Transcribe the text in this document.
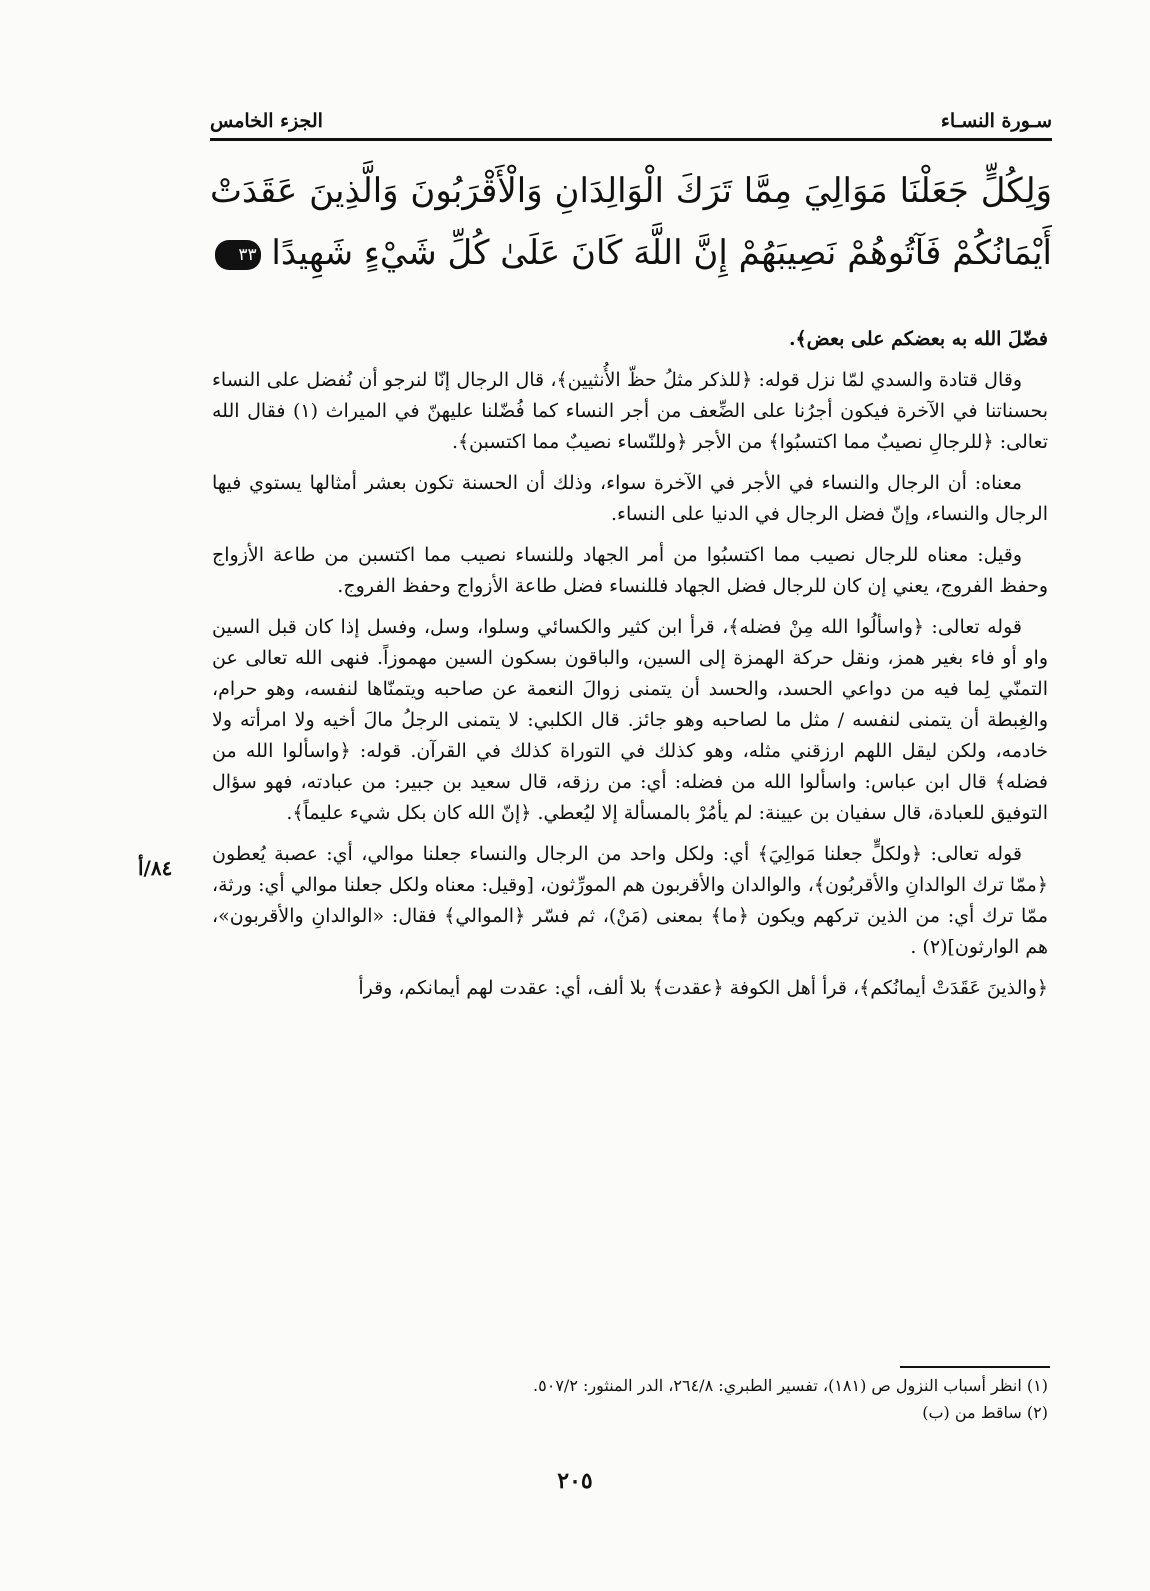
سـورة النسـاء
الجزء الخامس
وَلِكُلٍّ جَعَلْنَا مَوَالِيَ مِمَّا تَرَكَ الْوَالِدَانِ وَالْأَقْرَبُونَ وَالَّذِينَ عَقَدَتْ
أَيْمَانُكُمْ فَآتُوهُمْ نَصِيبَهُمْ إِنَّ اللَّهَ كَانَ عَلَىٰ كُلِّ شَيْءٍ شَهِيدًا ٣٣

فضّلَ الله به بعضكم على بعض﴾.

وقال قتادة والسدي لمّا نزل قوله: ﴿للذكر مثلُ حظّ الأُنثيين﴾، قال الرجال إنّا لنرجو أن نُفضل على النساء بحسناتنا في الآخرة فيكون أجرُنا على الضِّعف من أجر النساء كما فُضّلنا عليهنّ في الميراث (١) فقال الله تعالى: ﴿للرجالِ نصيبٌ مما اكتسبُوا﴾ من الأجر ﴿وللنّساء نصيبٌ مما اكتسبن﴾.

معناه: أن الرجال والنساء في الأجر في الآخرة سواء، وذلك أن الحسنة تكون بعشر أمثالها يستوي فيها الرجال والنساء، وإنّ فضل الرجال في الدنيا على النساء.

وقيل: معناه للرجال نصيب مما اكتسبُوا من أمر الجهاد وللنساء نصيب مما اكتسبن من طاعة الأزواج وحفظ الفروج، يعني إن كان للرجال فضل الجهاد فللنساء فضل طاعة الأزواج وحفظ الفروج.

قوله تعالى: ﴿واسألُوا الله مِنْ فضله﴾، قرأ ابن كثير والكسائي وسلوا، وسل، وفسل إذا كان قبل السين واو أو فاء بغير همز، ونقل حركة الهمزة إلى السين، والباقون بسكون السين مهموزاً. فنهى الله تعالى عن التمنّي لِما فيه من دواعي الحسد، والحسد أن يتمنى زوالَ النعمة عن صاحبه ويتمنّاها لنفسه، وهو حرام، والغِبطة أن يتمنى لنفسه / مثل ما لصاحبه وهو جائز. قال الكلبي: لا يتمنى الرجلُ مالَ أخيه ولا امرأته ولا خادمه، ولكن ليقل اللهم ارزقني مثله، وهو كذلك في التوراة كذلك في القرآن. قوله: ﴿واسألوا الله من فضله﴾ قال ابن عباس: واسألوا الله من فضله: أي: من رزقه، قال سعيد بن جبير: من عبادته، فهو سؤال التوفيق للعبادة، قال سفيان بن عيينة: لم يأمُرْ بالمسألة إلا ليُعطي. ﴿إنّ الله كان بكل شيء عليماً﴾.

قوله تعالى: ﴿ولكلٍّ جعلنا مَوالِيَ﴾ أي: ولكل واحد من الرجال والنساء جعلنا موالي، أي: عصبة يُعطون ﴿ممّا ترك الوالدانِ والأقربُون﴾، والوالدان والأقربون هم المورِّثون، [وقيل: معناه ولكل جعلنا موالي أي: ورثة، ممّا ترك أي: من الذين تركهم ويكون ﴿ما﴾ بمعنى (مَنْ)، ثم فسّر ﴿الموالي﴾ فقال: «الوالدانِ والأقربون»، هم الوارثون](٢) .

﴿والذينَ عَقَدَتْ أيمانُكم﴾، قرأ أهل الكوفة ﴿عقدت﴾ بلا ألف، أي: عقدت لهم أيمانكم، وقرأ

٨٤/أ
(١) انظر أسباب النزول ص (١٨١)، تفسير الطبري: ٢٦٤/٨، الدر المنثور: ٥٠٧/٢.
(٢) ساقط من (ب)
٢٠٥
